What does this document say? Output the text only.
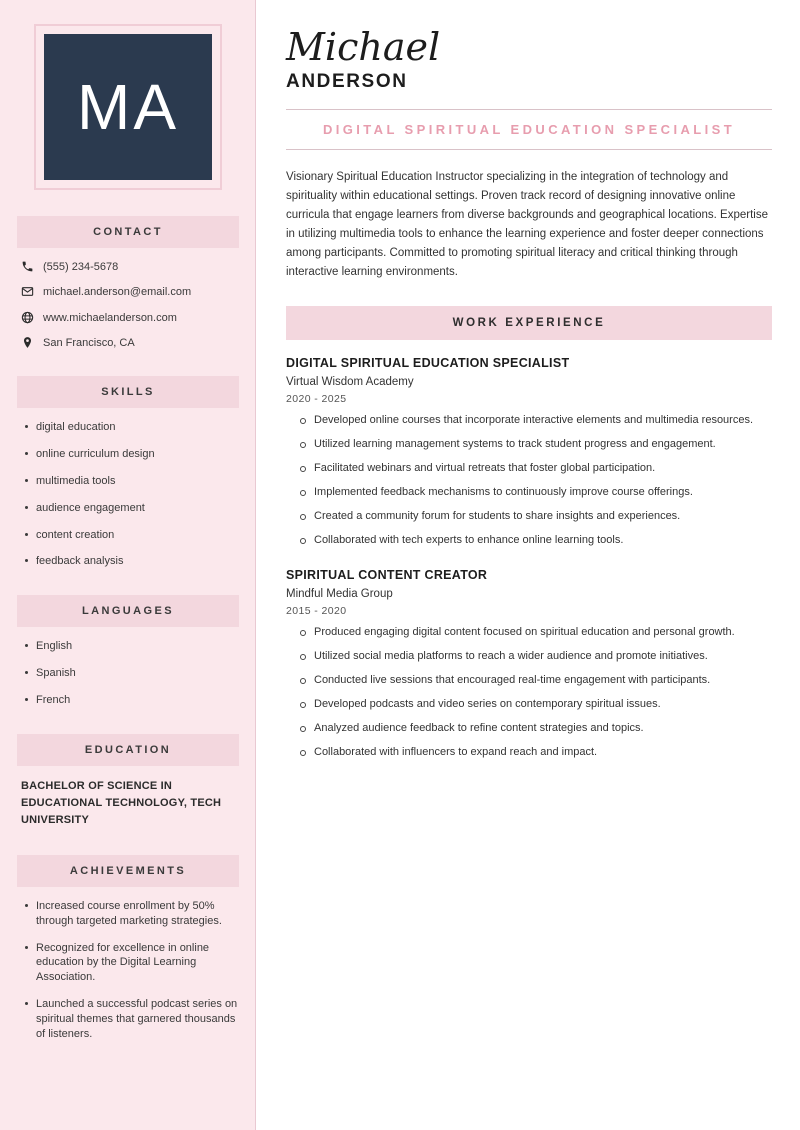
MA
CONTACT
(555) 234-5678
michael.anderson@email.com
www.michaelanderson.com
San Francisco, CA
SKILLS
digital education
online curriculum design
multimedia tools
audience engagement
content creation
feedback analysis
LANGUAGES
English
Spanish
French
EDUCATION
BACHELOR OF SCIENCE IN EDUCATIONAL TECHNOLOGY, TECH UNIVERSITY
ACHIEVEMENTS
Increased course enrollment by 50% through targeted marketing strategies.
Recognized for excellence in online education by the Digital Learning Association.
Launched a successful podcast series on spiritual themes that garnered thousands of listeners.
Michael
ANDERSON
DIGITAL SPIRITUAL EDUCATION SPECIALIST

Visionary Spiritual Education Instructor specializing in the integration of technology and spirituality within educational settings. Proven track record of designing innovative online curricula that engage learners from diverse backgrounds and geographical locations. Expertise in utilizing multimedia tools to enhance the learning experience and foster deeper connections among participants. Committed to promoting spiritual literacy and critical thinking through interactive learning environments.

WORK EXPERIENCE
DIGITAL SPIRITUAL EDUCATION SPECIALIST
Virtual Wisdom Academy
2020 - 2025
Developed online courses that incorporate interactive elements and multimedia resources.
Utilized learning management systems to track student progress and engagement.
Facilitated webinars and virtual retreats that foster global participation.
Implemented feedback mechanisms to continuously improve course offerings.
Created a community forum for students to share insights and experiences.
Collaborated with tech experts to enhance online learning tools.
SPIRITUAL CONTENT CREATOR
Mindful Media Group
2015 - 2020
Produced engaging digital content focused on spiritual education and personal growth.
Utilized social media platforms to reach a wider audience and promote initiatives.
Conducted live sessions that encouraged real-time engagement with participants.
Developed podcasts and video series on contemporary spiritual issues.
Analyzed audience feedback to refine content strategies and topics.
Collaborated with influencers to expand reach and impact.
